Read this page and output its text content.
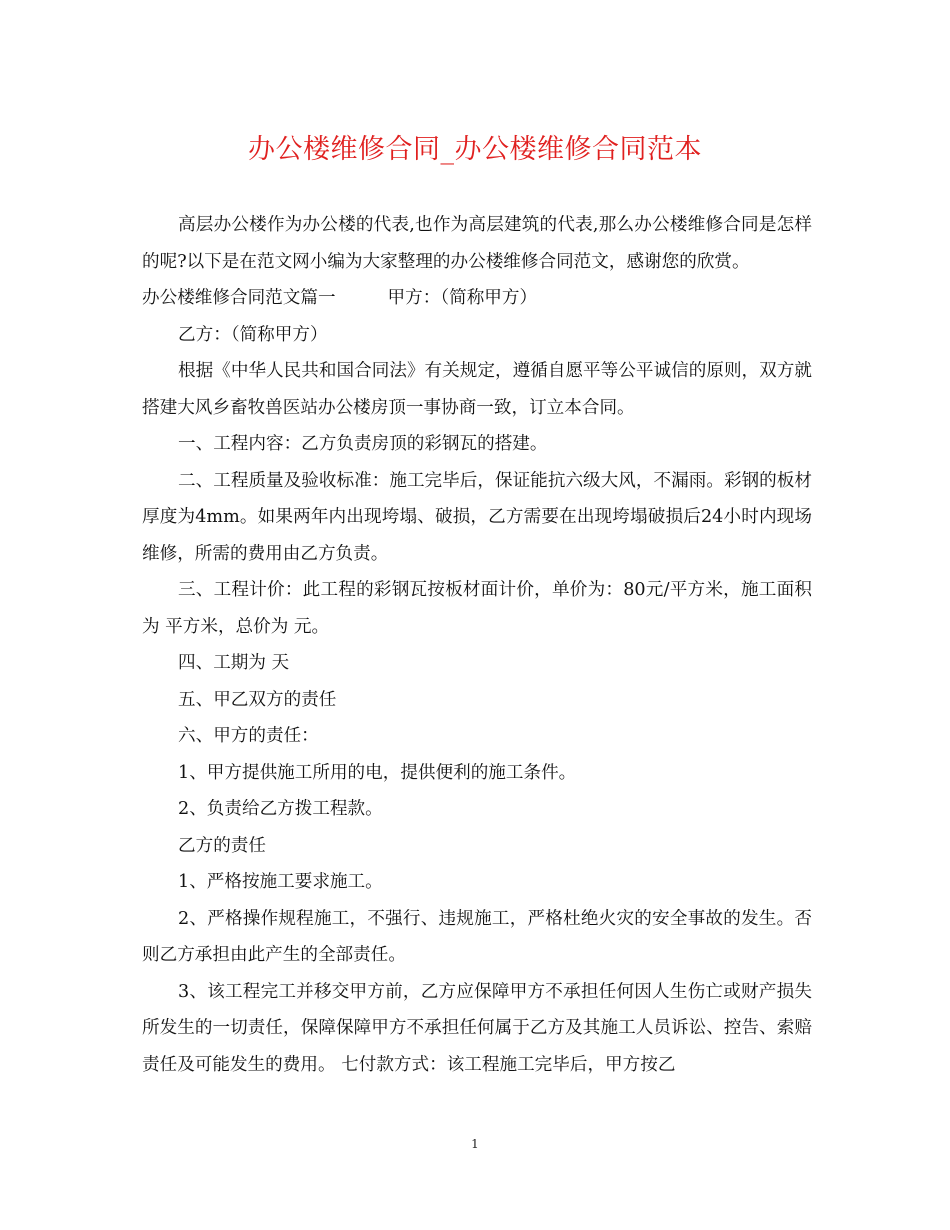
办公楼维修合同_办公楼维修合同范本

高层办公楼作为办公楼的代表,也作为高层建筑的代表,那么办公楼维修合同是怎样的呢?以下是在范文网小编为大家整理的办公楼维修合同范文，感谢您的欣赏。

办公楼维修合同范文篇一	甲方：（简称甲方）

乙方：（简称甲方）

根据《中华人民共和国合同法》有关规定，遵循自愿平等公平诚信的原则，双方就搭建大风乡畜牧兽医站办公楼房顶一事协商一致，订立本合同。

一、工程内容：乙方负责房顶的彩钢瓦的搭建。

二、工程质量及验收标准：施工完毕后，保证能抗六级大风，不漏雨。彩钢的板材厚度为4mm。如果两年内出现垮塌、破损，乙方需要在出现垮塌破损后24小时内现场维修，所需的费用由乙方负责。

三、工程计价：此工程的彩钢瓦按板材面计价，单价为：80元/平方米，施工面积为 平方米，总价为 元。

四、工期为 天

五、甲乙双方的责任

六、甲方的责任：

1、甲方提供施工所用的电，提供便利的施工条件。

2、负责给乙方拨工程款。

乙方的责任

1、严格按施工要求施工。

2、严格操作规程施工，不强行、违规施工，严格杜绝火灾的安全事故的发生。否则乙方承担由此产生的全部责任。

3、该工程完工并移交甲方前，乙方应保障甲方不承担任何因人生伤亡或财产损失所发生的一切责任，保障保障甲方不承担任何属于乙方及其施工人员诉讼、控告、索赔责任及可能发生的费用。 七付款方式：该工程施工完毕后，甲方按乙

1
